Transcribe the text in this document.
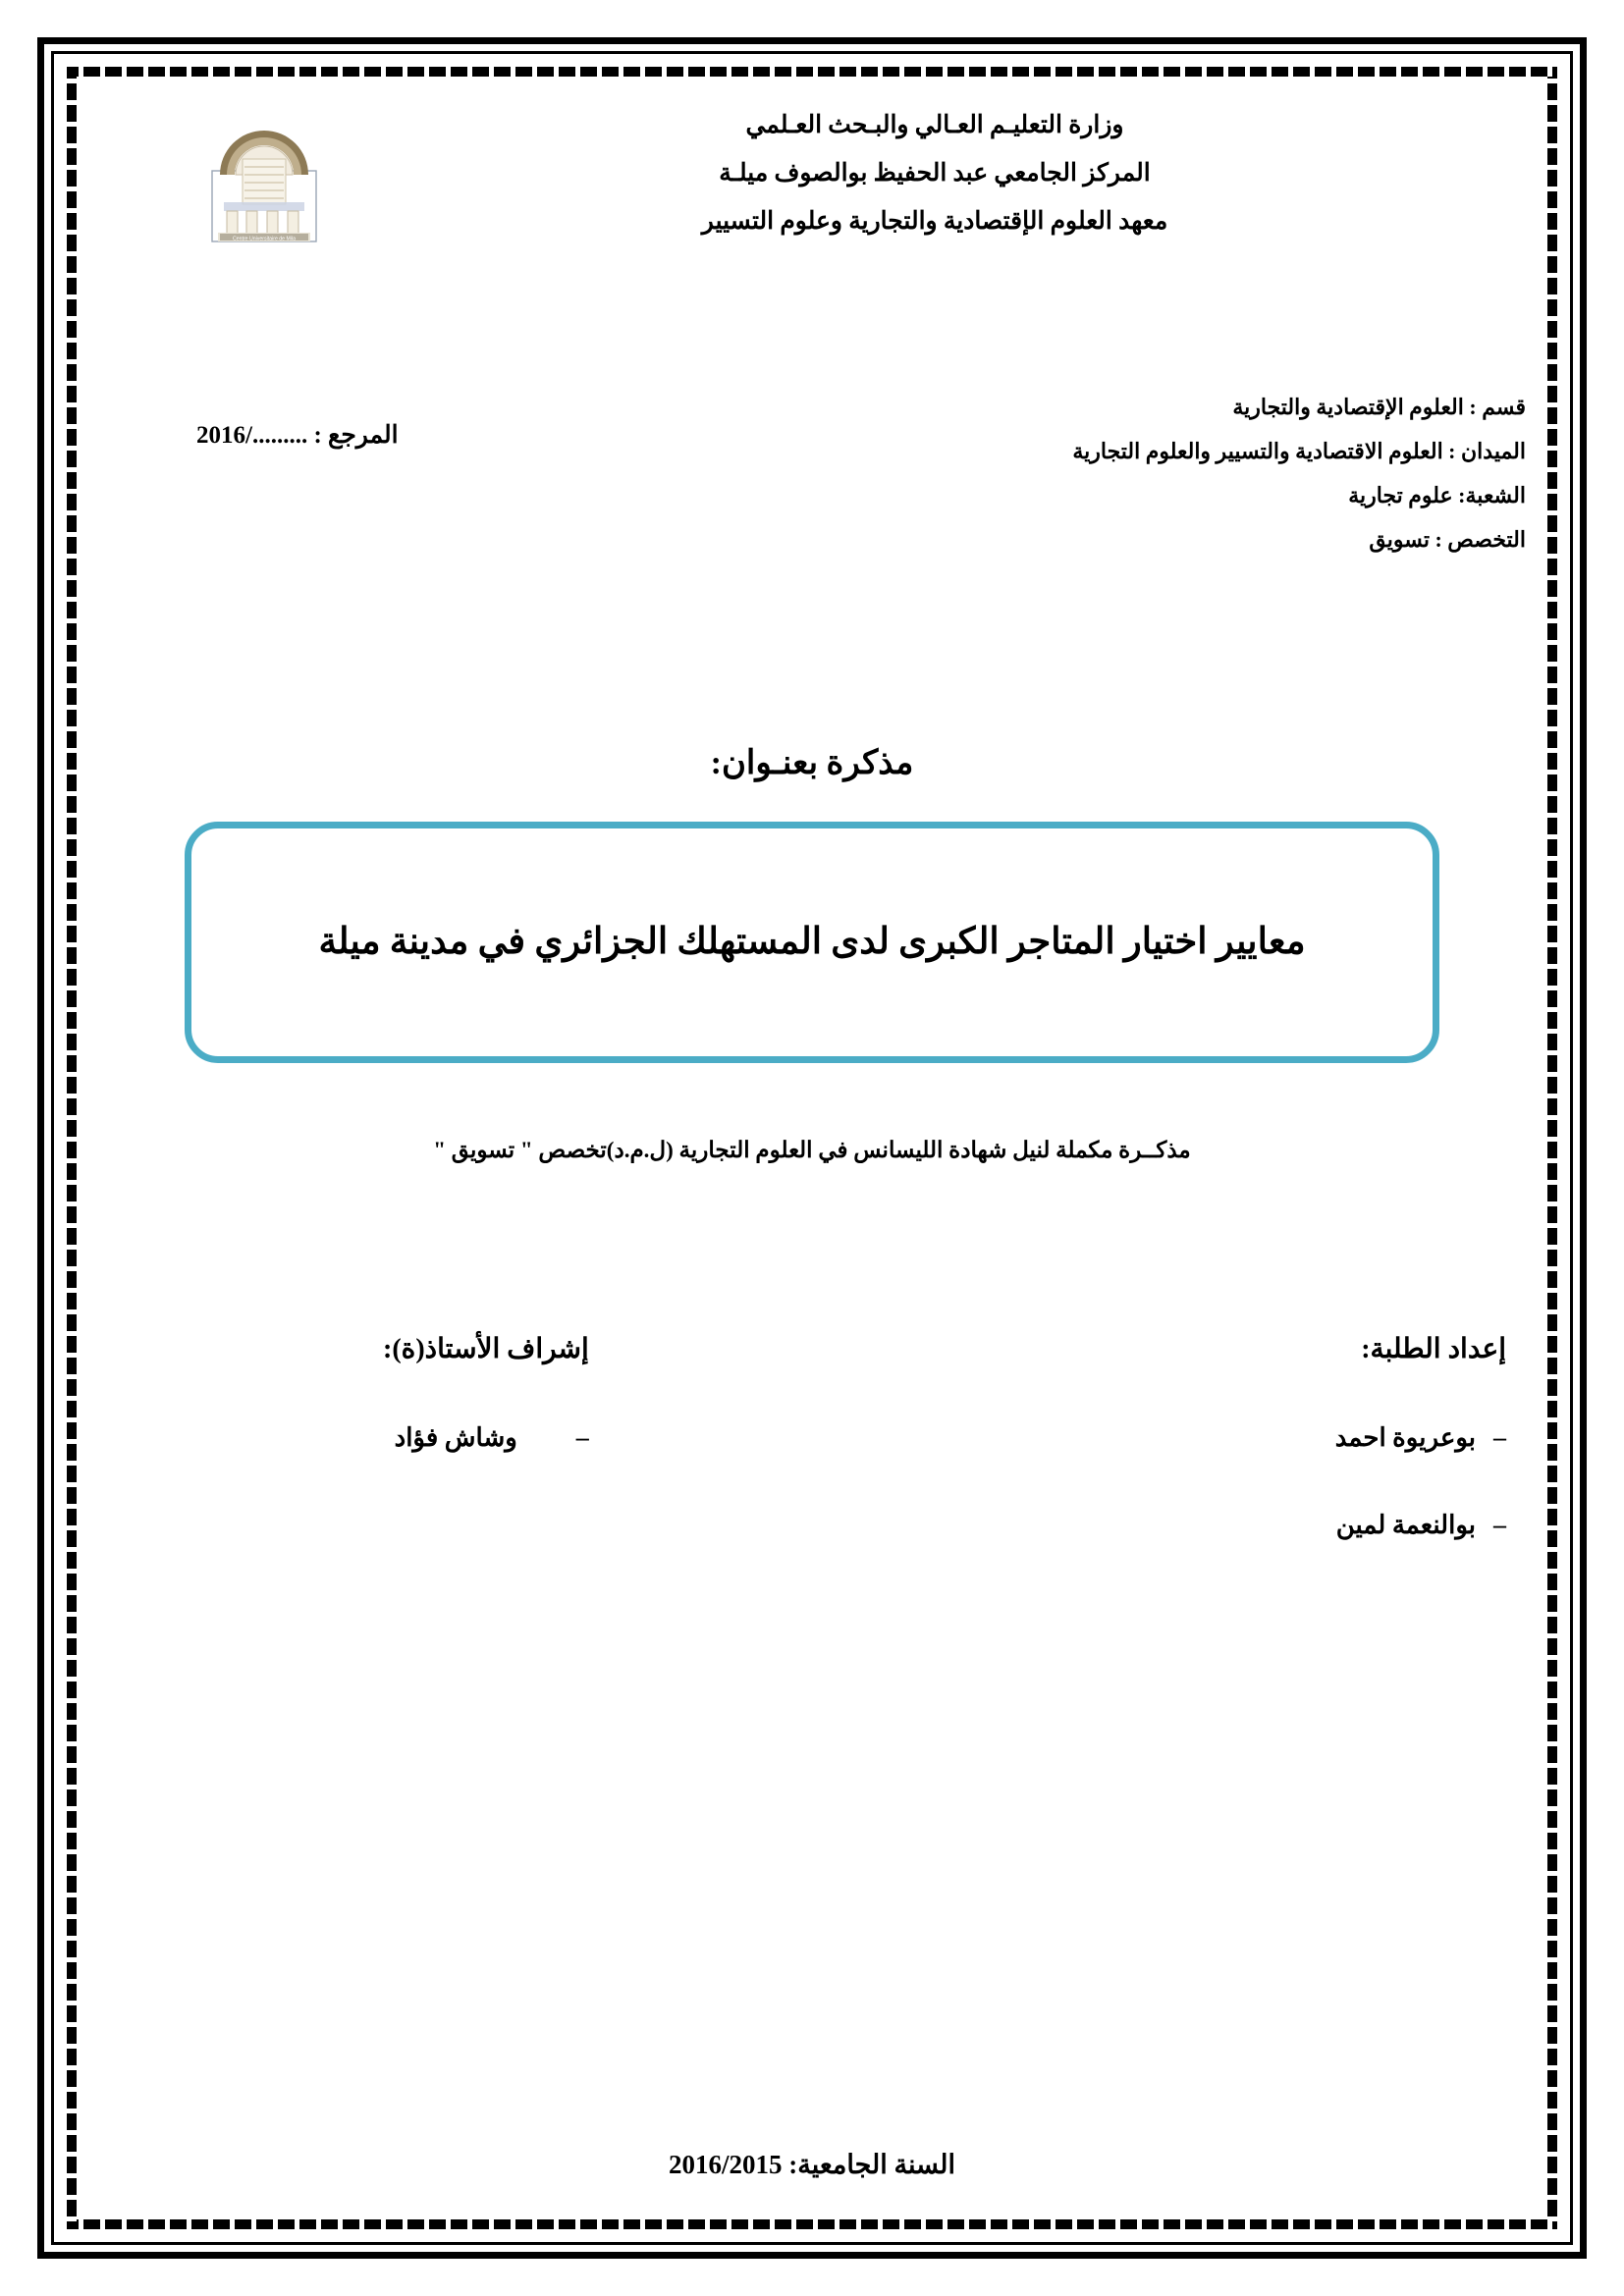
Centre Universitaire de Mila
وزارة التعليـم العـالي والبـحث العـلمي
المركز الجامعي عبد الحفيظ بوالصوف ميلـة
معهد العلوم الإقتصادية والتجارية وعلوم التسيير
المرجع : ........./2016
قسم : العلوم الإقتصادية والتجارية
الميدان : العلوم الاقتصادية والتسيير والعلوم التجارية
الشعبة: علوم تجارية
التخصص : تسويق
مذكرة بعنـوان:
معايير اختيار المتاجر الكبرى لدى المستهلك الجزائري في مدينة ميلة
مذكــرة مكملة لنيل شهادة الليسانس في العلوم التجارية (ل.م.د)تخصص " تسويق "
إعداد الطلبة:
–بوعريوة احمد
–بوالنعمة لمين
إشراف الأستاذ(ة):
–وشاش فؤاد
السنة الجامعية: 2016/2015
